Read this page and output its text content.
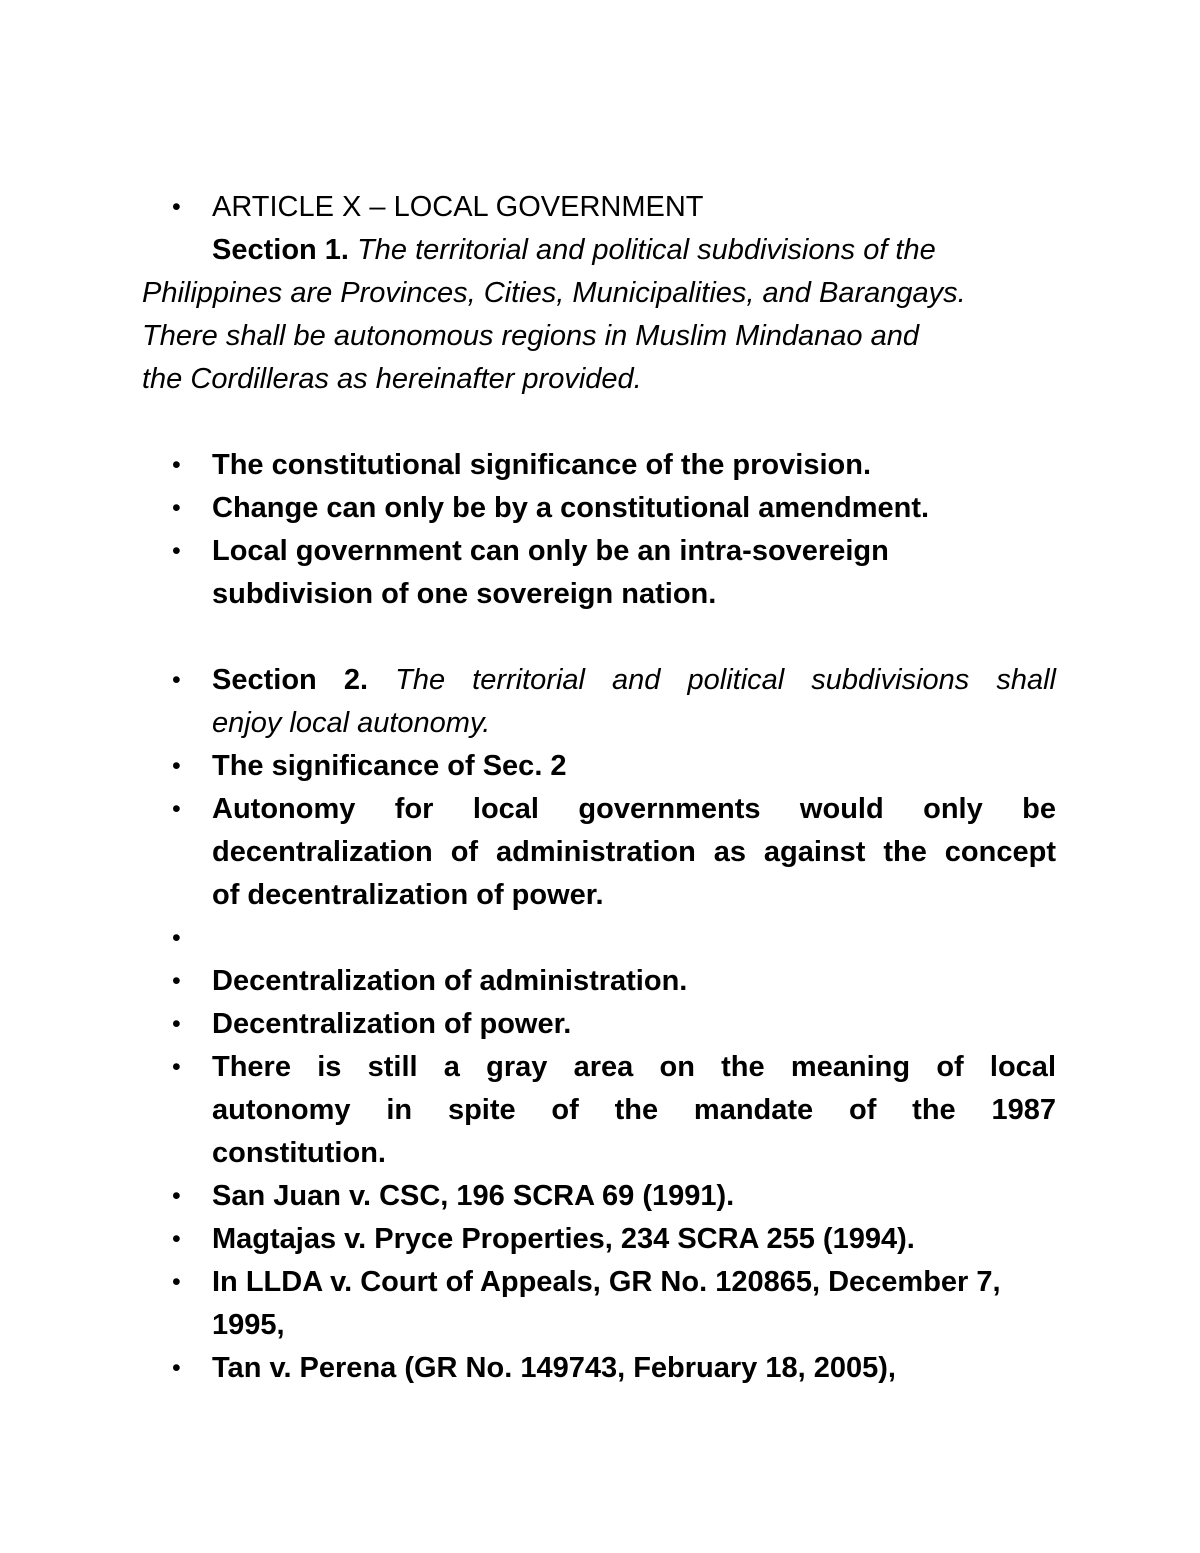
• ARTICLE X – LOCAL GOVERNMENT
Section 1. The territorial and political subdivisions of the
Philippines are Provinces, Cities, Municipalities, and Barangays.
There shall be autonomous regions in Muslim Mindanao and
the Cordilleras as hereinafter provided.
• The constitutional significance of the provision.
• Change can only be by a constitutional amendment.
• Local government can only be an intra-sovereign
subdivision of one sovereign nation.
• Section 2. The territorial and political subdivisions shall
enjoy local autonomy.
• The significance of Sec. 2
• Autonomy for local governments would only be
decentralization of administration as against the concept
of decentralization of power.
•
• Decentralization of administration.
• Decentralization of power.
• There is still a gray area on the meaning of local
autonomy in spite of the mandate of the 1987
constitution.
• San Juan v. CSC, 196 SCRA 69 (1991).
• Magtajas v. Pryce Properties, 234 SCRA 255 (1994).
• In LLDA v. Court of Appeals, GR No. 120865, December 7,
1995,
• Tan v. Perena (GR No. 149743, February 18, 2005),
